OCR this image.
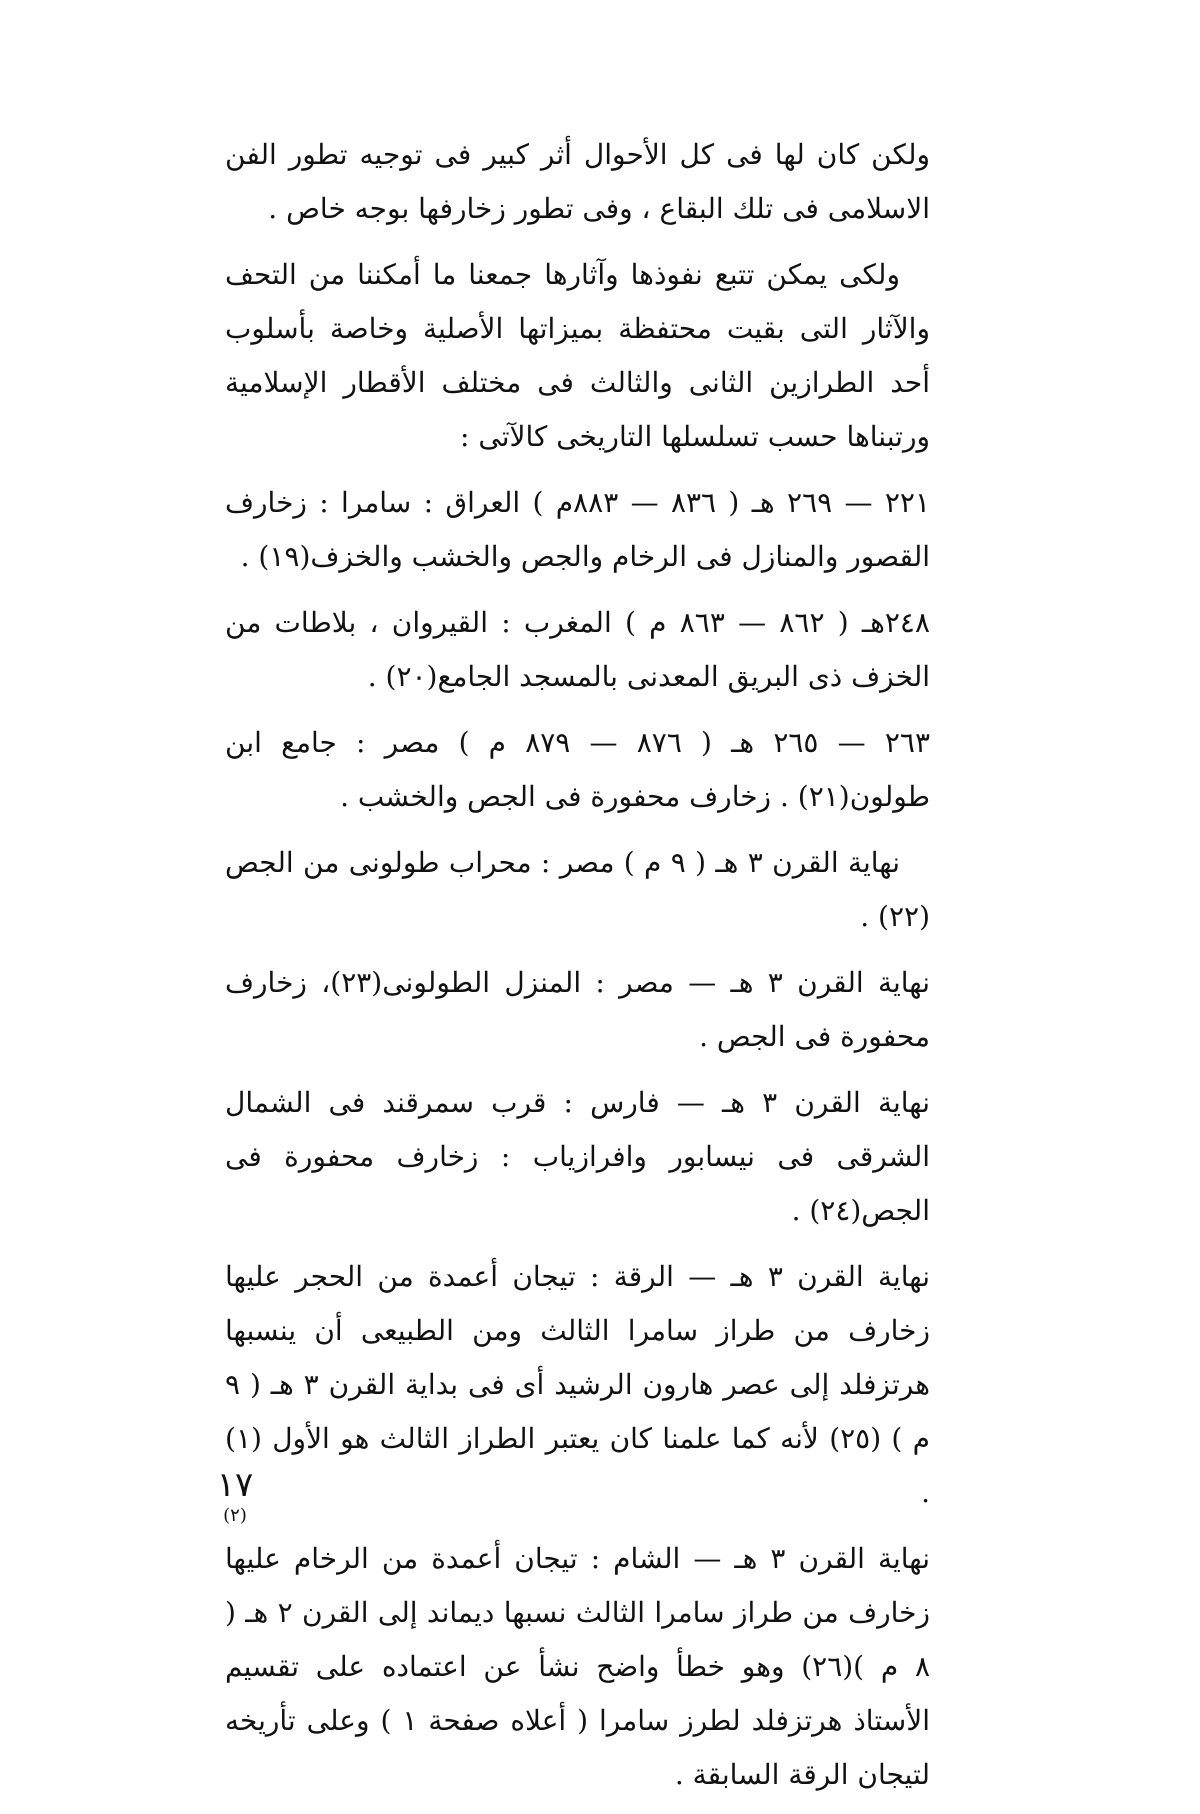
ولكن كان لها فى كل الأحوال أثر كبير فى توجيه تطور الفن الاسلامى فى تلك البقاع ، وفى تطور زخارفها بوجه خاص .

ولكى يمكن تتبع نفوذها وآثارها جمعنا ما أمكننا من التحف والآثار التى بقيت محتفظة بميزاتها الأصلية وخاصة بأسلوب أحد الطرازين الثانى والثالث فى مختلف الأقطار الإسلامية ورتبناها حسب تسلسلها التاريخى كالآتى :

٢٢١ — ٢٦٩ هـ ( ٨٣٦ — ٨٨٣م ) العراق : سامرا : زخارف القصور والمنازل فى الرخام والجص والخشب والخزف(١٩) .

٢٤٨هـ ( ٨٦٢ — ٨٦٣ م ) المغرب : القيروان ، بلاطات من الخزف ذى البريق المعدنى بالمسجد الجامع(٢٠) .

٢٦٣ — ٢٦٥ هـ ( ٨٧٦ — ٨٧٩ م ) مصر : جامع ابن طولون(٢١) . زخارف محفورة فى الجص والخشب .

نهاية القرن ٣ هـ ( ٩ م ) مصر : محراب طولونى من الجص (٢٢) .

نهاية القرن ٣ هـ — مصر : المنزل الطولونى(٢٣)، زخارف محفورة فى الجص .

نهاية القرن ٣ هـ — فارس : قرب سمرقند فى الشمال الشرقى فى نيسابور وافرازياب : زخارف محفورة فى الجص(٢٤) .

نهاية القرن ٣ هـ — الرقة : تيجان أعمدة من الحجر عليها زخارف من طراز سامرا الثالث ومن الطبيعى أن ينسبها هرتزفلد إلى عصر هارون الرشيد أى فى بداية القرن ٣ هـ ( ٩ م ) (٢٥) لأنه كما علمنا كان يعتبر الطراز الثالث هو الأول (١) .

نهاية القرن ٣ هـ — الشام : تيجان أعمدة من الرخام عليها زخارف من طراز سامرا الثالث نسبها ديماند إلى القرن ٢ هـ ( ٨ م )(٢٦) وهو خطأ واضح نشأ عن اعتماده على تقسيم الأستاذ هرتزفلد لطرز سامرا ( أعلاه صفحة ١ ) وعلى تأريخه لتيجان الرقة السابقة .

١٧
(٢)
